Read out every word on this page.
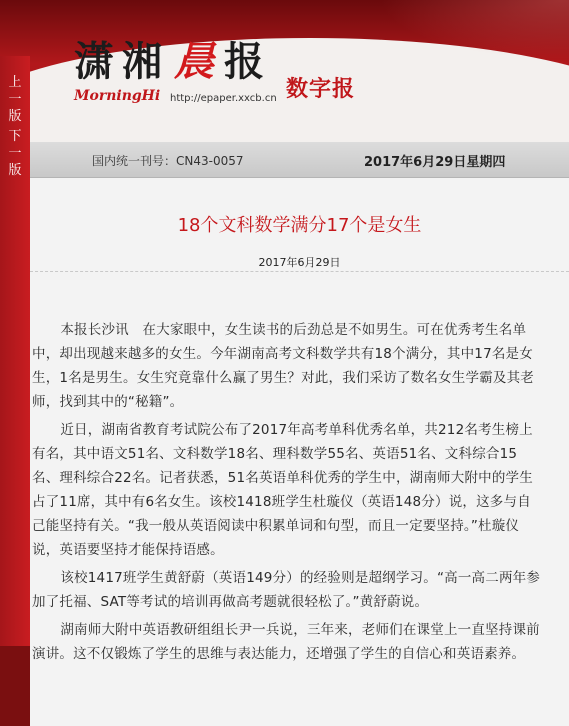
潇 湘 晨 报
MorningHi http://epaper.xxcb.cn 数字报
上一版
下一版
国内统一刊号：CN43-0057	2017年6月29日星期四
18个文科数学满分17个是女生
2017年6月29日

本报长沙讯　在大家眼中，女生读书的后劲总是不如男生。可在优秀考生名单中，却出现越来越多的女生。今年湖南高考文科数学共有18个满分，其中17名是女生，1名是男生。女生究竟靠什么赢了男生？对此，我们采访了数名女生学霸及其老师，找到其中的“秘籍”。

近日，湖南省教育考试院公布了2017年高考单科优秀名单，共212名考生榜上有名，其中语文51名、文科数学18名、理科数学55名、英语51名、文科综合15名、理科综合22名。记者获悉，51名英语单科优秀的学生中，湖南师大附中的学生占了11席，其中有6名女生。该校1418班学生杜璇仪（英语148分）说，这多与自己能坚持有关。“我一般从英语阅读中积累单词和句型，而且一定要坚持。”杜璇仪说，英语要坚持才能保持语感。

该校1417班学生黄舒蔚（英语149分）的经验则是超纲学习。“高一高二两年参加了托福、SAT等考试的培训再做高考题就很轻松了。”黄舒蔚说。

湖南师大附中英语教研组组长尹一兵说，三年来，老师们在课堂上一直坚持课前演讲。这不仅锻炼了学生的思维与表达能力，还增强了学生的自信心和英语素养。
